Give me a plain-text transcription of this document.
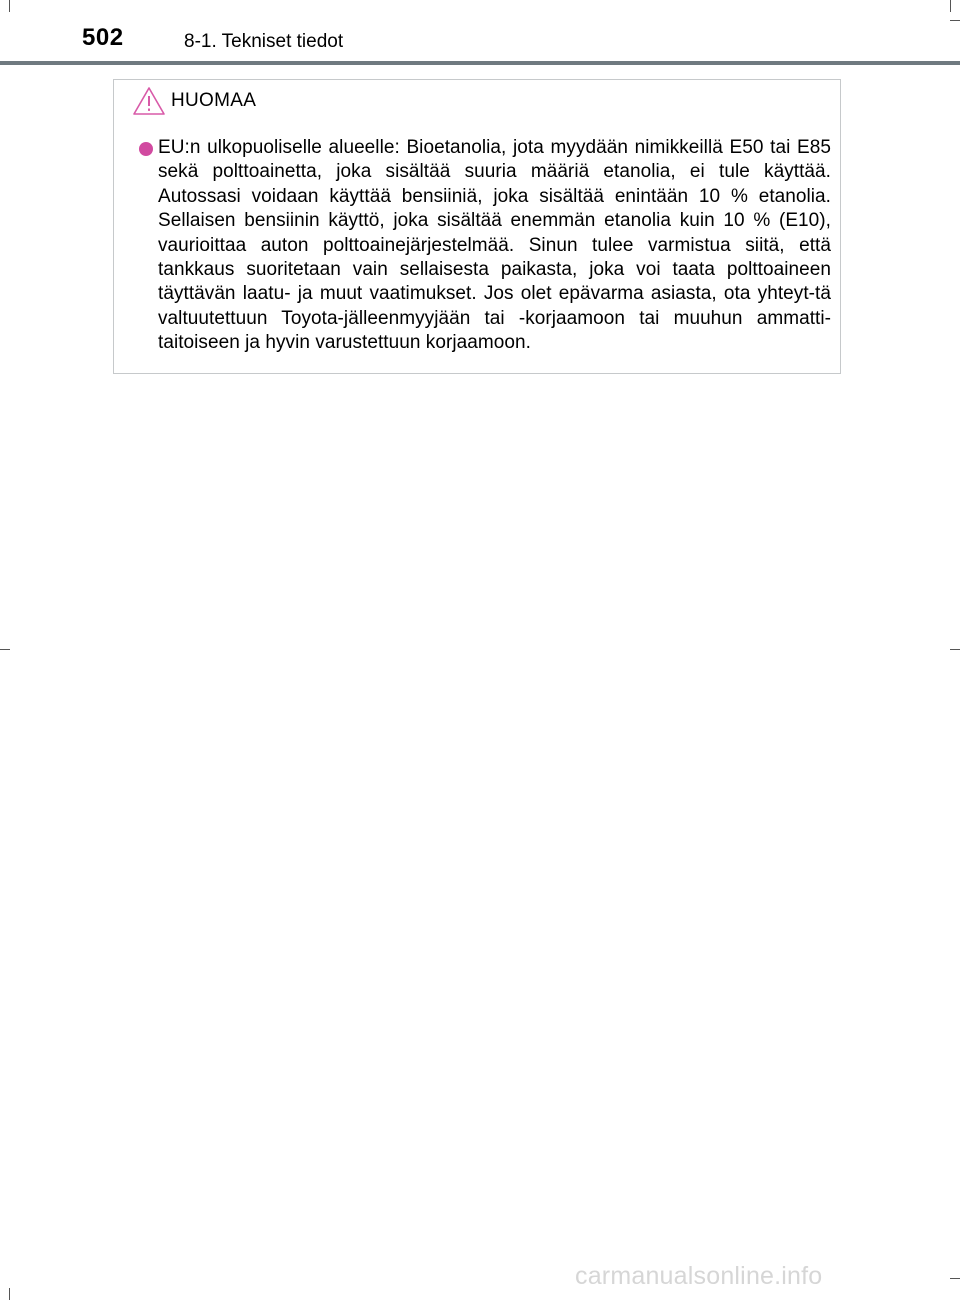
502	8-1. Tekniset tiedot
HUOMAA
EU:n ulkopuoliselle alueelle: Bioetanolia, jota myydään nimikkeillä E50 tai E85 sekä polttoainetta, joka sisältää suuria määriä etanolia, ei tule käyttää. Autossasi voidaan käyttää bensiiniä, joka sisältää enintään 10 % etanolia. Sellaisen bensiinin käyttö, joka sisältää enemmän etanolia kuin 10 % (E10), vaurioittaa auton polttoainejärjestelmää. Sinun tulee varmistua siitä, että tankkaus suoritetaan vain sellaisesta paikasta, joka voi taata polttoaineen täyttävän laatu- ja muut vaatimukset. Jos olet epävarma asiasta, ota yhteyt-tä valtuutettuun Toyota-jälleenmyyjään tai -korjaamoon tai muuhun ammatti-taitoiseen ja hyvin varustettuun korjaamoon.
carmanualsonline.info
